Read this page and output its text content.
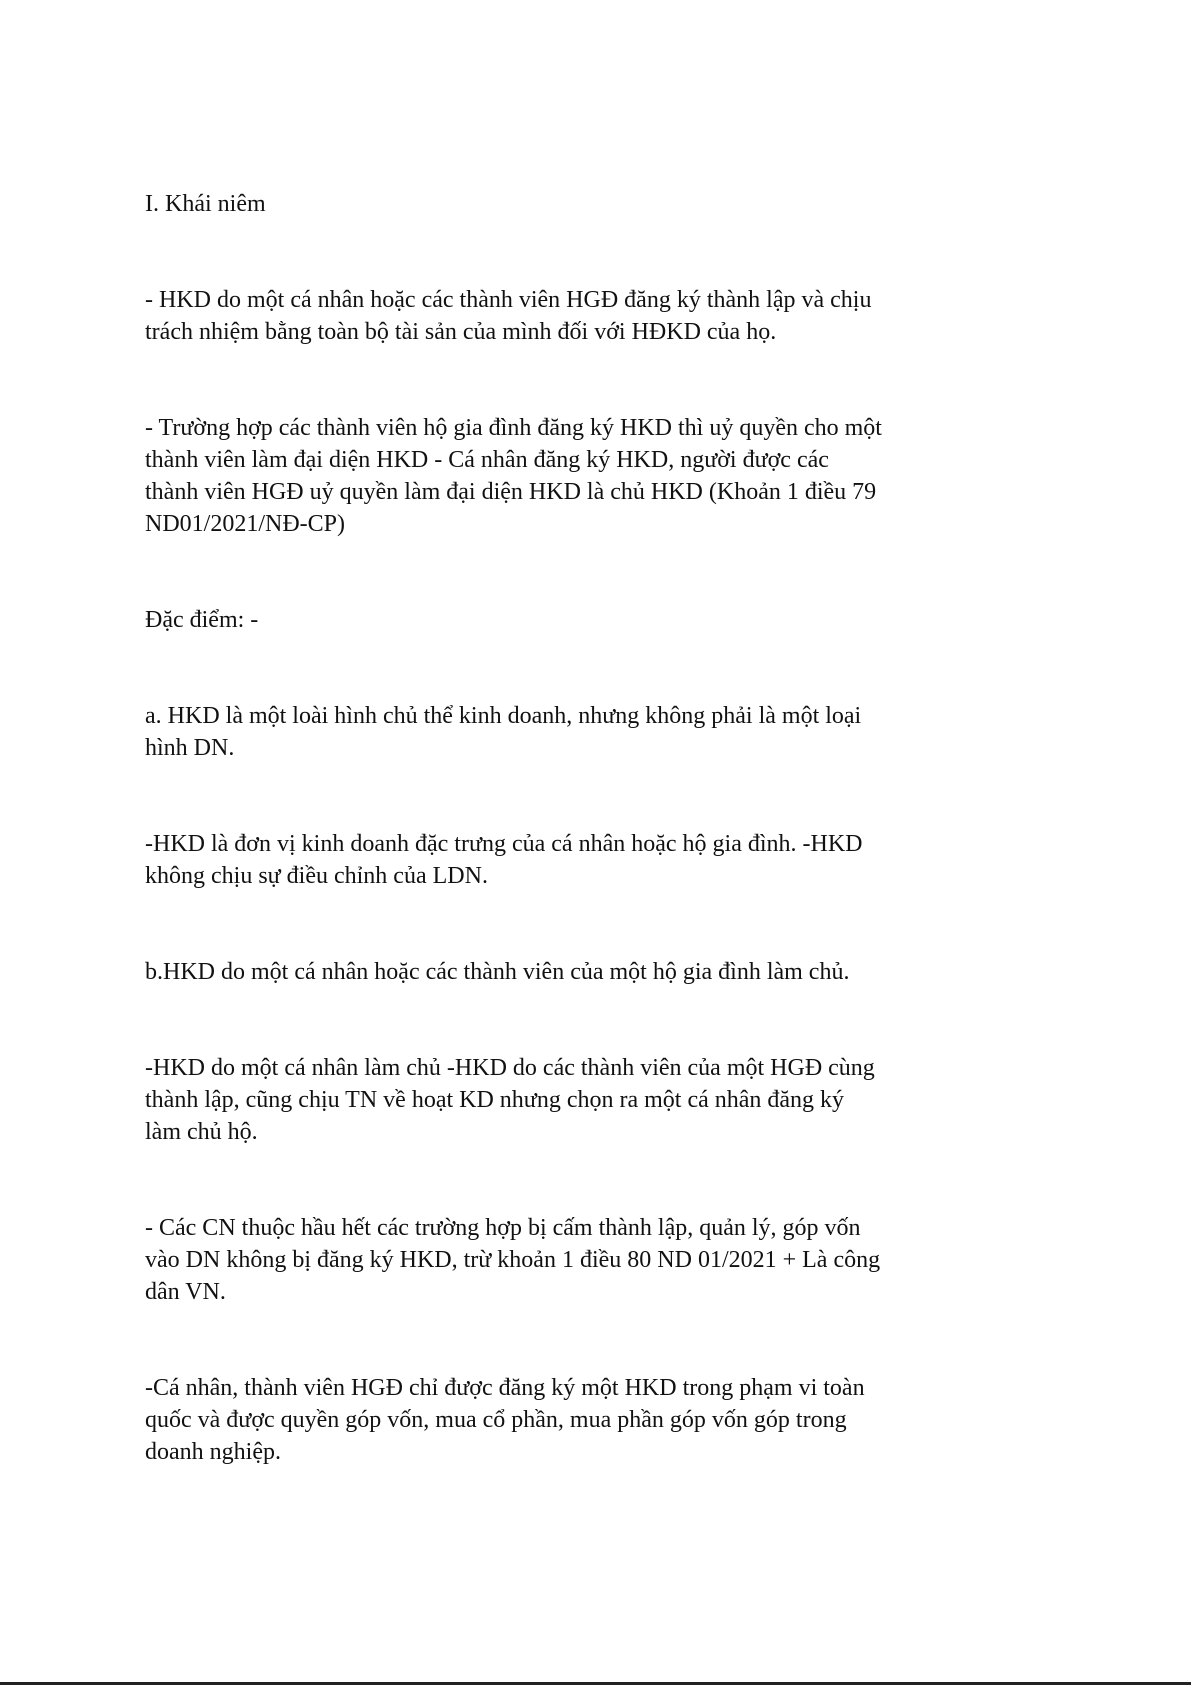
I. Khái niêm

- HKD do một cá nhân hoặc các thành viên HGĐ đăng ký thành lập và chịu trách nhiệm bằng toàn bộ tài sản của mình đối với HĐKD của họ.

- Trường hợp các thành viên hộ gia đình đăng ký HKD thì uỷ quyền cho một thành viên làm đại diện HKD - Cá nhân đăng ký HKD, người được các thành viên HGĐ uỷ quyền làm đại diện HKD là chủ HKD (Khoản 1 điều 79 ND01/2021/NĐ-CP)

Đặc điểm: -

a. HKD là một loài hình chủ thể kinh doanh, nhưng không phải là một loại hình DN.

-HKD là đơn vị kinh doanh đặc trưng của cá nhân hoặc hộ gia đình. -HKD không chịu sự điều chỉnh của LDN.

b.HKD do một cá nhân hoặc các thành viên của một hộ gia đình làm chủ.

-HKD do một cá nhân làm chủ -HKD do các thành viên của một HGĐ cùng thành lập, cũng chịu TN về hoạt KD nhưng chọn ra một cá nhân đăng ký làm chủ hộ.

- Các CN thuộc hầu hết các trường hợp bị cấm thành lập, quản lý, góp vốn vào DN không bị đăng ký HKD, trừ khoản 1 điều 80 ND 01/2021 + Là công dân VN.

-Cá nhân, thành viên HGĐ chỉ được đăng ký một HKD trong phạm vi toàn quốc và được quyền góp vốn, mua cổ phần, mua phần góp vốn góp trong doanh nghiệp.
